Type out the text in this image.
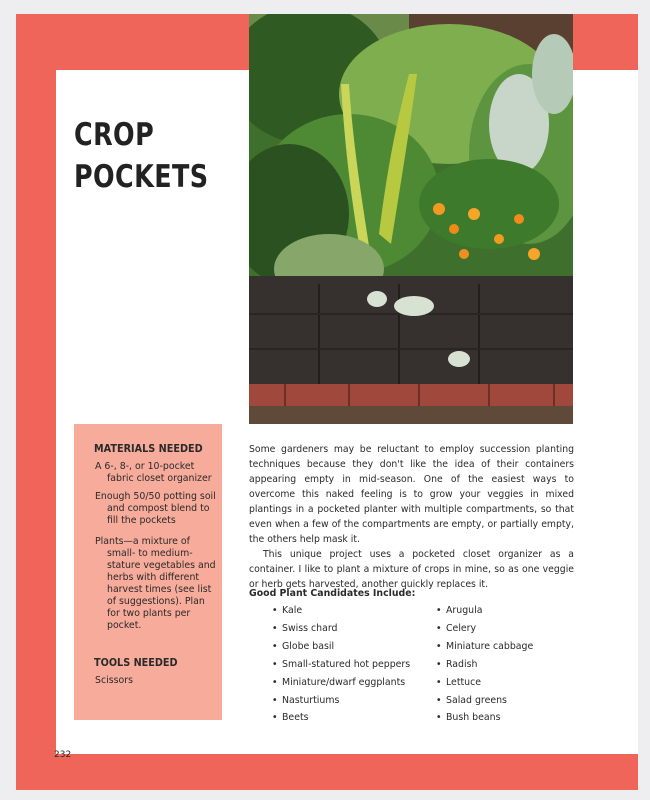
CROP
POCKETS
MATERIALS NEEDED
A 6-, 8-, or 10-pocket fabric closet organizer
Enough 50/50 potting soil and compost blend to fill the pockets
Plants—a mixture of small- to medium-stature vegetables and herbs with different harvest times (see list of suggestions). Plan for two plants per pocket.
TOOLS NEEDED
Scissors

Some gardeners may be reluctant to employ succession planting techniques because they don't like the idea of their containers appearing empty in mid-season. One of the easiest ways to overcome this naked feeling is to grow your veggies in mixed plantings in a pocketed planter with multiple compartments, so that even when a few of the compartments are empty, or partially empty, the others help mask it.

This unique project uses a pocketed closet organizer as a container. I like to plant a mixture of crops in mine, so as one veggie or herb gets harvested, another quickly replaces it.

Good Plant Candidates Include:
• Kale
• Swiss chard
• Globe basil
• Small-statured hot peppers
• Miniature/dwarf eggplants
• Nasturtiums
• Beets
• Arugula
• Celery
• Miniature cabbage
• Radish
• Lettuce
• Salad greens
• Bush beans
232
